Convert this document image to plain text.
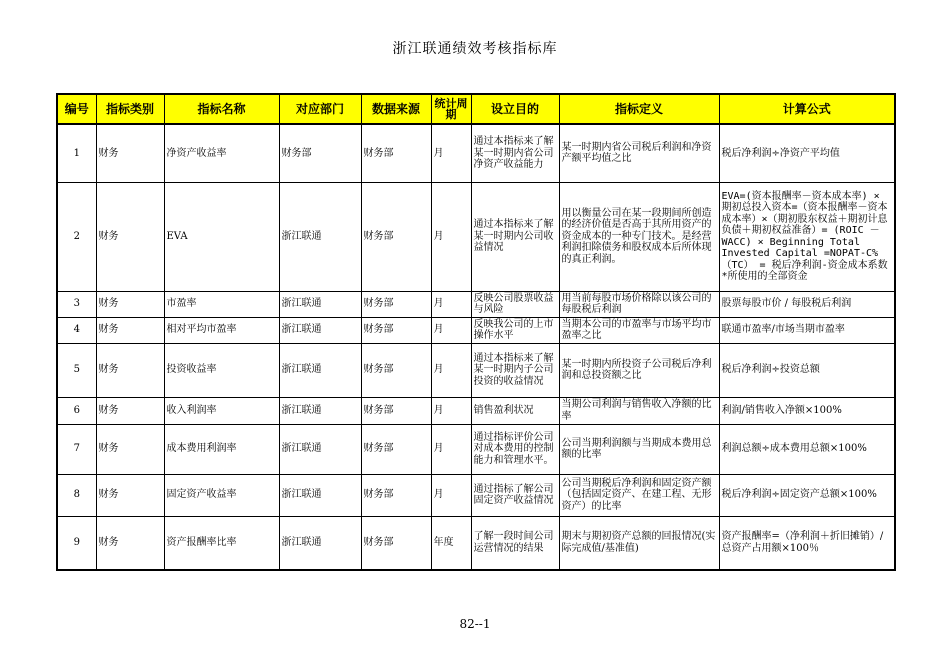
浙江联通绩效考核指标库
编号	指标类别	指标名称	对应部门	数据来源	统计周期	设立目的	指标定义	计算公式
1	财务	净资产收益率	财务部	财务部	月	通过本指标来了解某一时期内省公司净资产收益能力	某一时期内省公司税后利润和净资产额平均值之比	税后净利润÷净资产平均值
2	财务	EVA	浙江联通	财务部	月	通过本指标来了解某一时期内公司收益情况	用以衡量公司在某一段期间所创造的经济价值是否高于其所用资产的资金成本的一种专门技术。是经营利润扣除债务和股权成本后所体现的真正利润。	EVA=(资本报酬率－资本成本率) × 期初总投入资本=（资本报酬率－资本成本率）×（期初股东权益＋期初计息负债＋期初权益准备）= (ROIC － WACC) × Beginning Total Invested Capital =NOPAT-C%（TC） = 税后净利润-资金成本系数*所使用的全部资金
3	财务	市盈率	浙江联通	财务部	月	反映公司股票收益与风险	用当前每股市场价格除以该公司的每股税后利润	股票每股市价 / 每股税后利润
4	财务	相对平均市盈率	浙江联通	财务部	月	反映我公司的上市操作水平	当期本公司的市盈率与市场平均市盈率之比	联通市盈率/市场当期市盈率
5	财务	投资收益率	浙江联通	财务部	月	通过本指标来了解某一时期内子公司投资的收益情况	某一时期内所投资子公司税后净利润和总投资额之比	税后净利润÷投资总额
6	财务	收入利润率	浙江联通	财务部	月	销售盈利状况	当期公司利润与销售收入净额的比率	利润/销售收入净额×100%
7	财务	成本费用利润率	浙江联通	财务部	月	通过指标评价公司对成本费用的控制能力和管理水平。	公司当期利润额与当期成本费用总额的比率	利润总额÷成本费用总额×100%
8	财务	固定资产收益率	浙江联通	财务部	月	通过指标了解公司固定资产收益情况	公司当期税后净利润和固定资产额（包括固定资产、在建工程、无形资产）的比率	税后净利润÷固定资产总额×100%
9	财务	资产报酬率比率	浙江联通	财务部	年度	了解一段时间公司运营情况的结果	期末与期初资产总额的回报情况(实际完成值/基准值)	资产报酬率=（净利润＋折旧摊销）/总资产占用额×100％
82--1
